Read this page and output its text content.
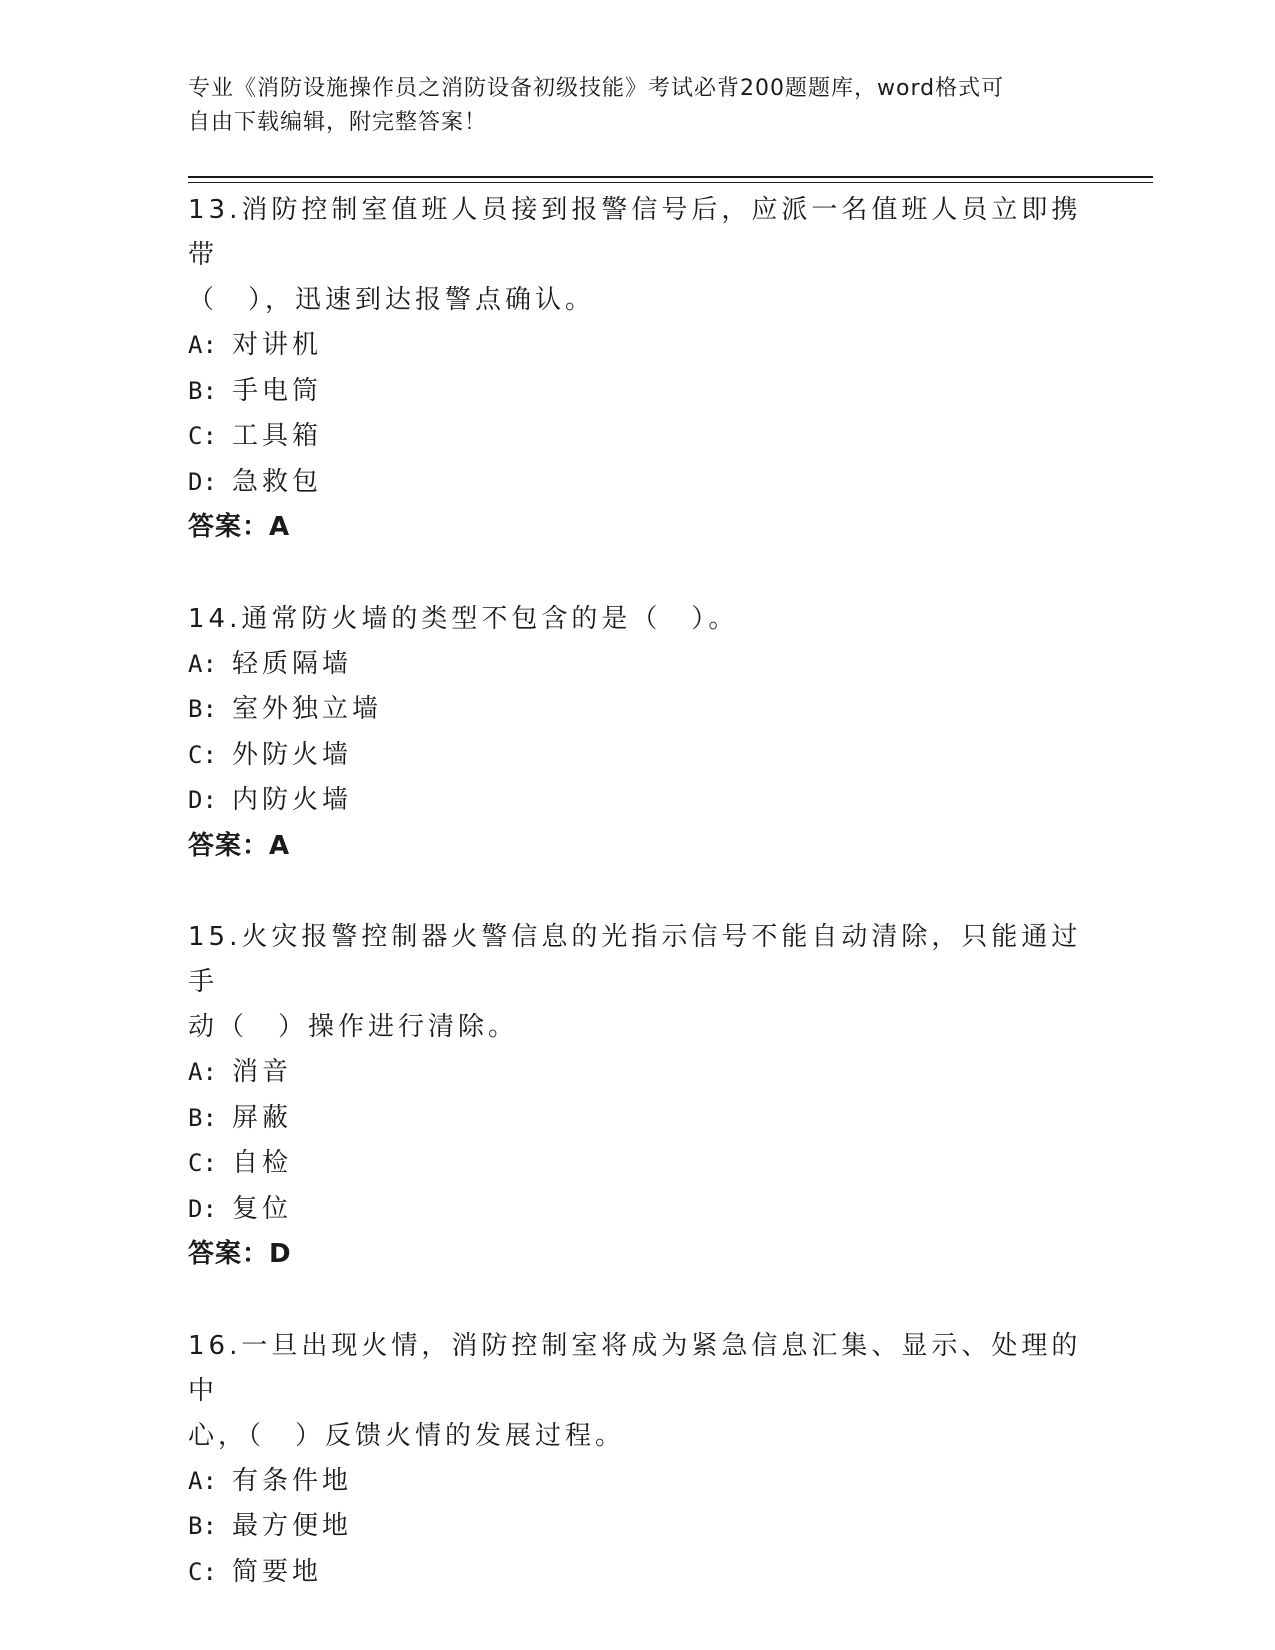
专业《消防设施操作员之消防设备初级技能》考试必背200题题库，word格式可
自由下载编辑，附完整答案！
13.消防控制室值班人员接到报警信号后，应派一名值班人员立即携带
（　），迅速到达报警点确认。
A: 对讲机
B: 手电筒
C: 工具箱
D: 急救包
答案：A
14.通常防火墙的类型不包含的是（　）。
A: 轻质隔墙
B: 室外独立墙
C: 外防火墙
D: 内防火墙
答案：A
15.火灾报警控制器火警信息的光指示信号不能自动清除，只能通过手
动（　）操作进行清除。
A: 消音
B: 屏蔽
C: 自检
D: 复位
答案：D
16.一旦出现火情，消防控制室将成为紧急信息汇集、显示、处理的中
心，（　）反馈火情的发展过程。
A: 有条件地
B: 最方便地
C: 简要地
